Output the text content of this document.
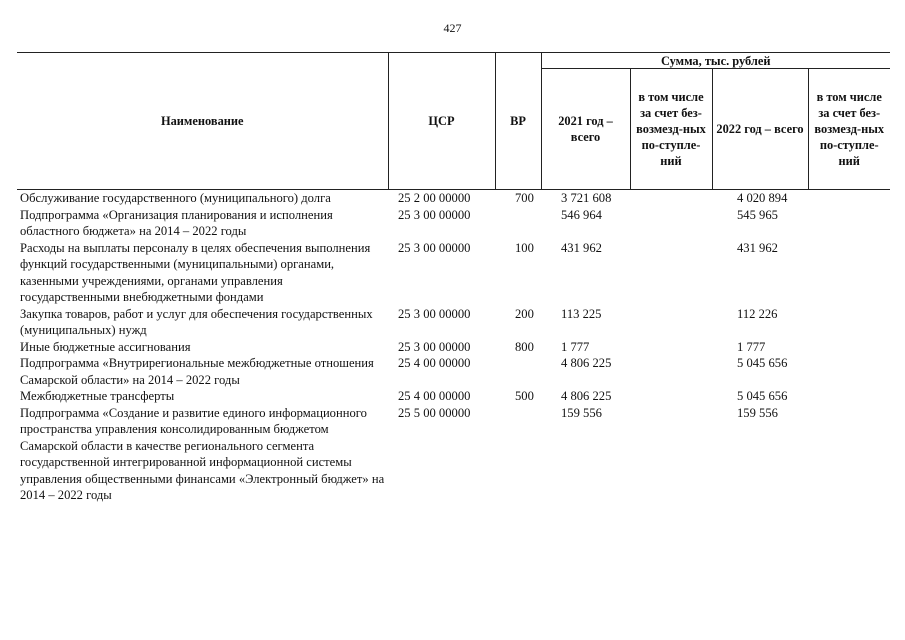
427
Наименование	ЦСР	ВР	Сумма, тыс. рублей			
			2021 год – всего	в том числе за счет без-возмезд-ных по-ступле-ний	2022 год – всего	в том числе за счет без-возмезд-ных по-ступле-ний
Обслуживание государственного (муниципального) долга	25 2 00 00000	700	3 721 608		4 020 894	
Подпрограмма «Организация планирования и исполнения областного бюджета» на 2014 – 2022 годы	25 3 00 00000		546 964		545 965	
Расходы на выплаты персоналу в целях обеспечения выполнения функций государственными (муниципальными) органами, казенными учреждениями, органами управления государственными внебюджетными фондами	25 3 00 00000	100	431 962		431 962	
Закупка товаров, работ и услуг для обеспечения государственных (муниципальных) нужд	25 3 00 00000	200	113 225		112 226	
Иные бюджетные ассигнования	25 3 00 00000	800	1 777		1 777	
Подпрограмма «Внутрирегиональные межбюджетные отношения Самарской области» на 2014 – 2022 годы	25 4 00 00000		4 806 225		5 045 656	
Межбюджетные трансферты	25 4 00 00000	500	4 806 225		5 045 656	
Подпрограмма «Создание и развитие единого информационного пространства управления консолидированным бюджетом Самарской области в качестве регионального сегмента государственной интегрированной информационной системы управления общественными финансами «Электронный бюджет» на 2014 – 2022 годы	25 5 00 00000		159 556		159 556	
